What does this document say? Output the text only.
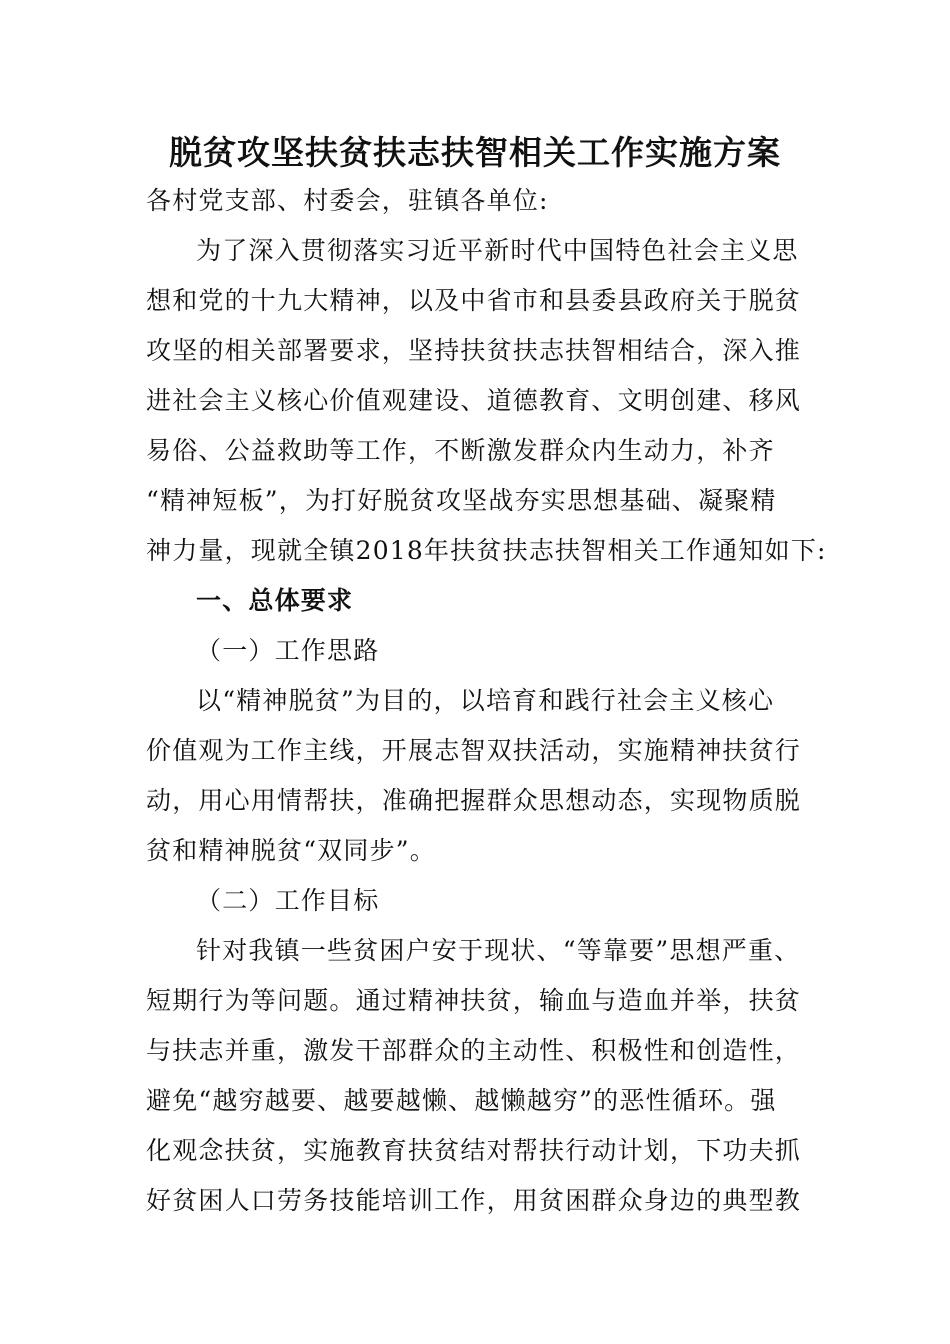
脱贫攻坚扶贫扶志扶智相关工作实施方案
各村党支部、村委会，驻镇各单位:
为了深入贯彻落实习近平新时代中国特色社会主义思
想和党的十九大精神，以及中省市和县委县政府关于脱贫
攻坚的相关部署要求，坚持扶贫扶志扶智相结合，深入推
进社会主义核心价值观建设、道德教育、文明创建、移风
易俗、公益救助等工作，不断激发群众内生动力，补齐
“精神短板”，为打好脱贫攻坚战夯实思想基础、凝聚精
神力量，现就全镇2018年扶贫扶志扶智相关工作通知如下:
一、总体要求
（一）工作思路
以“精神脱贫”为目的，以培育和践行社会主义核心
价值观为工作主线，开展志智双扶活动，实施精神扶贫行
动，用心用情帮扶，准确把握群众思想动态，实现物质脱
贫和精神脱贫“双同步”。
（二）工作目标
针对我镇一些贫困户安于现状、“等靠要”思想严重、
短期行为等问题。通过精神扶贫，输血与造血并举，扶贫
与扶志并重，激发干部群众的主动性、积极性和创造性，
避免“越穷越要、越要越懒、越懒越穷”的恶性循环。强
化观念扶贫，实施教育扶贫结对帮扶行动计划，下功夫抓
好贫困人口劳务技能培训工作，用贫困群众身边的典型教
